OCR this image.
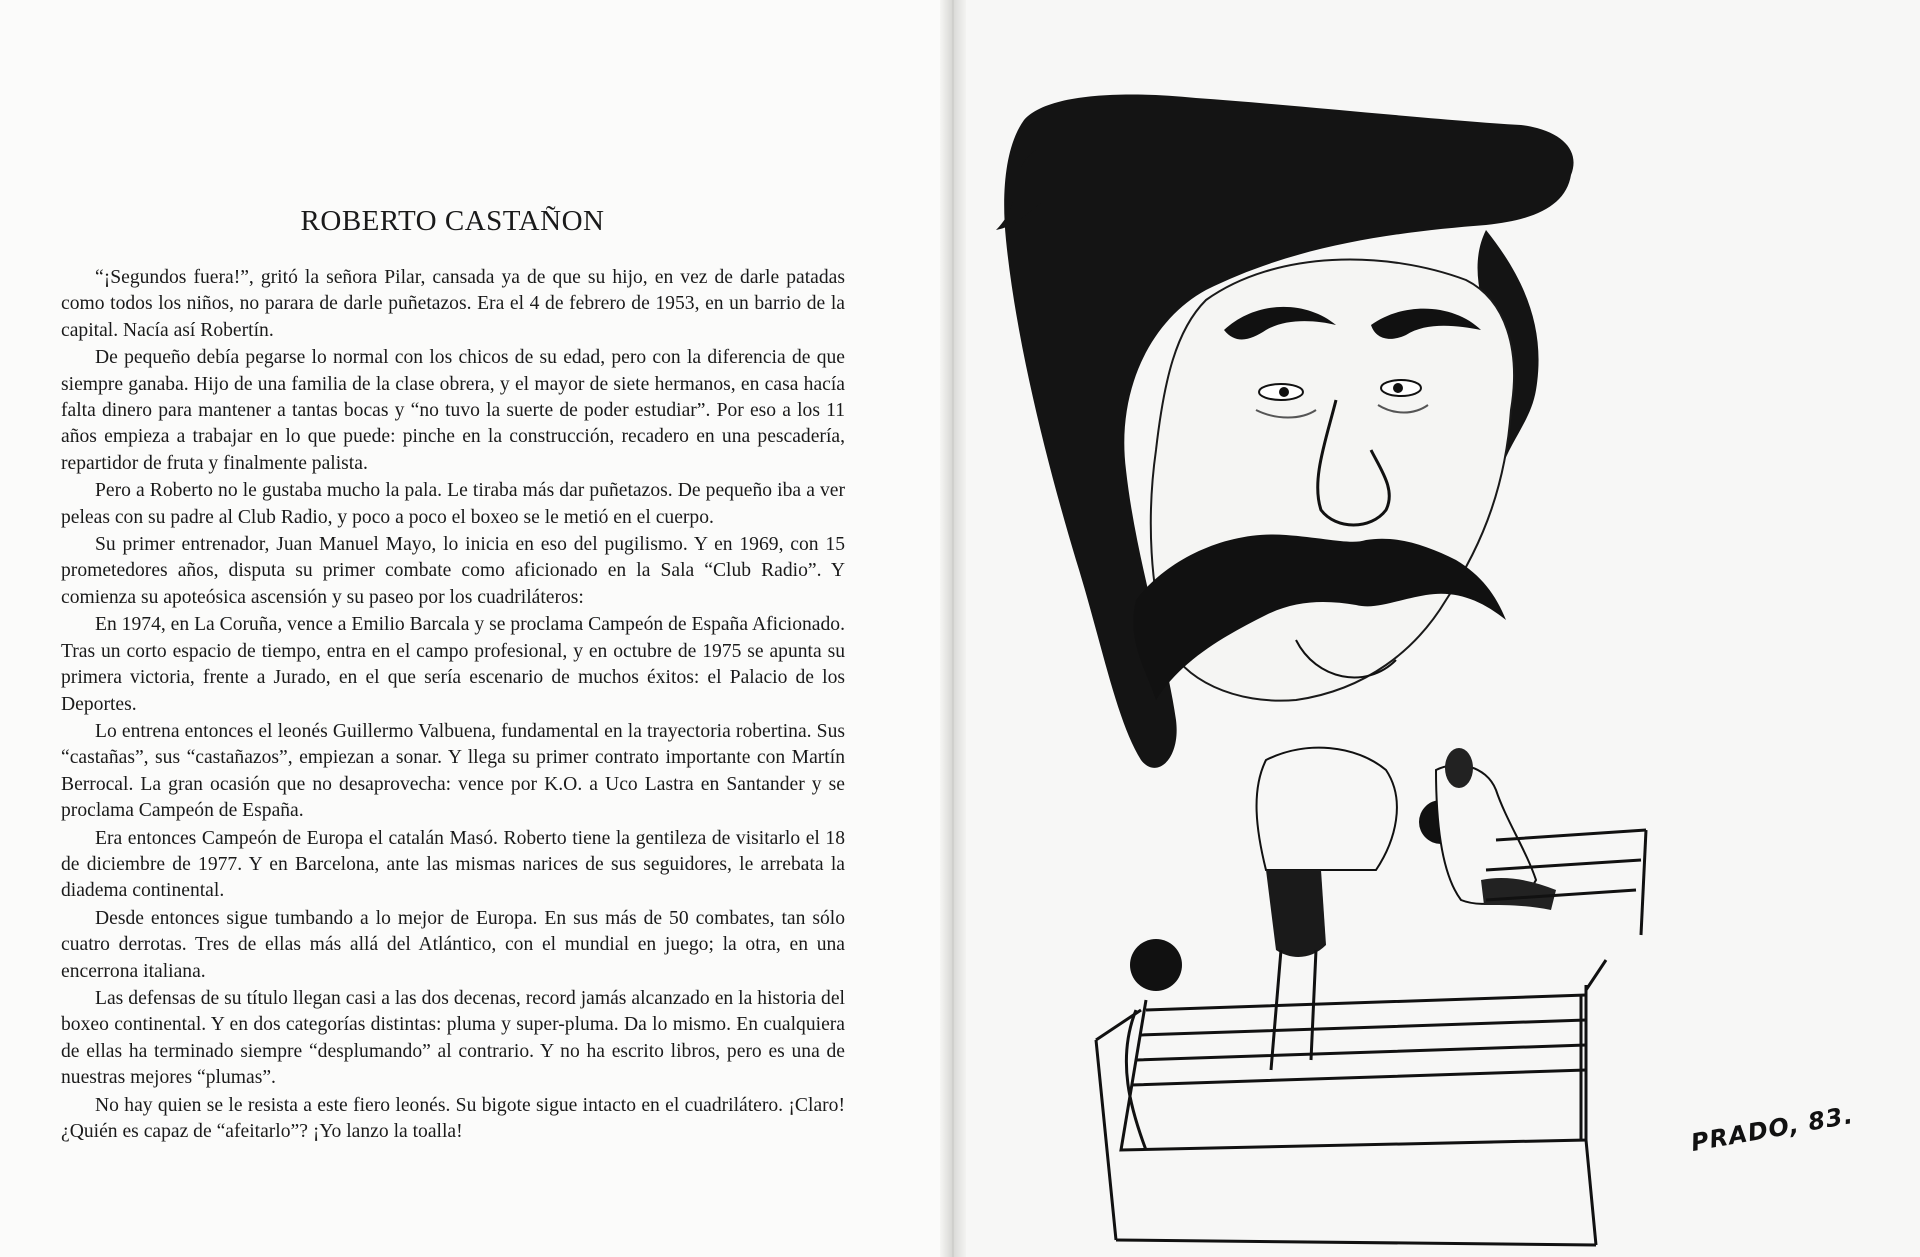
ROBERTO CASTAÑON

“¡Segundos fuera!”, gritó la señora Pilar, cansada ya de que su hijo, en vez de darle patadas como todos los niños, no parara de darle puñetazos. Era el 4 de febrero de 1953, en un barrio de la capital. Nacía así Robertín.

De pequeño debía pegarse lo normal con los chicos de su edad, pero con la diferencia de que siempre ganaba. Hijo de una familia de la clase obrera, y el mayor de siete hermanos, en casa hacía falta dinero para mantener a tantas bocas y “no tuvo la suerte de poder estudiar”. Por eso a los 11 años empieza a trabajar en lo que puede: pinche en la construcción, recadero en una pescadería, repartidor de fruta y finalmente palista.

Pero a Roberto no le gustaba mucho la pala. Le tiraba más dar puñetazos. De pequeño iba a ver peleas con su padre al Club Radio, y poco a poco el boxeo se le metió en el cuerpo.

Su primer entrenador, Juan Manuel Mayo, lo inicia en eso del pugilismo. Y en 1969, con 15 prometedores años, disputa su primer combate como aficionado en la Sala “Club Radio”. Y comienza su apoteósica ascensión y su paseo por los cuadriláteros:

En 1974, en La Coruña, vence a Emilio Barcala y se proclama Campeón de España Aficionado. Tras un corto espacio de tiempo, entra en el campo profesional, y en octubre de 1975 se apunta su primera victoria, frente a Jurado, en el que sería escenario de muchos éxitos: el Palacio de los Deportes.

Lo entrena entonces el leonés Guillermo Valbuena, fundamental en la trayectoria robertina. Sus “castañas”, sus “castañazos”, empiezan a sonar. Y llega su primer contrato importante con Martín Berrocal. La gran ocasión que no desaprovecha: vence por K.O. a Uco Lastra en Santander y se proclama Campeón de España.

Era entonces Campeón de Europa el catalán Masó. Roberto tiene la gentileza de visitarlo el 18 de diciembre de 1977. Y en Barcelona, ante las mismas narices de sus seguidores, le arrebata la diadema continental.

Desde entonces sigue tumbando a lo mejor de Europa. En sus más de 50 combates, tan sólo cuatro derrotas. Tres de ellas más allá del Atlántico, con el mundial en juego; la otra, en una encerrona italiana.

Las defensas de su título llegan casi a las dos decenas, record jamás alcanzado en la historia del boxeo continental. Y en dos categorías distintas: pluma y super-pluma. Da lo mismo. En cualquiera de ellas ha terminado siempre “desplumando” al contrario. Y no ha escrito libros, pero es una de nuestras mejores “plumas”.

No hay quien se le resista a este fiero leonés. Su bigote sigue intacto en el cuadrilátero. ¡Claro! ¿Quién es capaz de “afeitarlo”? ¡Yo lanzo la toalla!	PRADO, 83.
